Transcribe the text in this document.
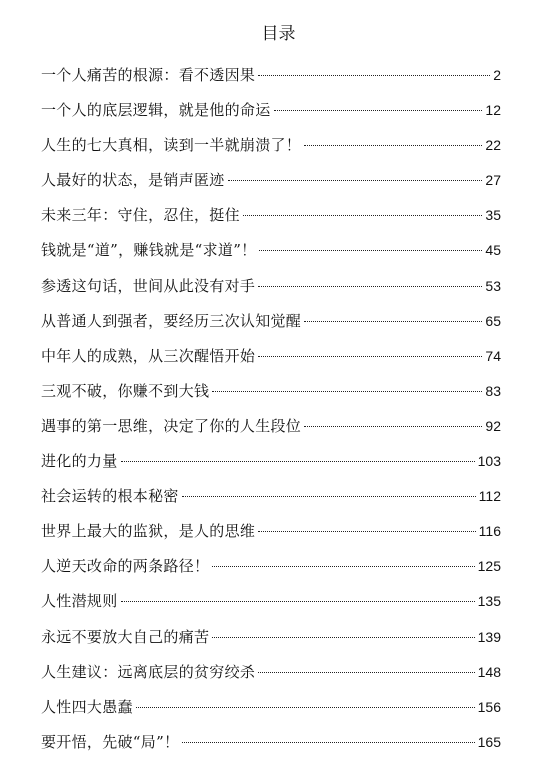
目录
一个人痛苦的根源：看不透因果	2
一个人的底层逻辑，就是他的命运	12
人生的七大真相，读到一半就崩溃了！	22
人最好的状态，是销声匿迹	27
未来三年：守住，忍住，挺住	35
钱就是“道”，赚钱就是“求道”！	45
参透这句话，世间从此没有对手	53
从普通人到强者，要经历三次认知觉醒	65
中年人的成熟，从三次醒悟开始	74
三观不破，你赚不到大钱	83
遇事的第一思维，决定了你的人生段位	92
进化的力量	103
社会运转的根本秘密	112
世界上最大的监狱，是人的思维	116
人逆天改命的两条路径！	125
人性潜规则	135
永远不要放大自己的痛苦	139
人生建议：远离底层的贫穷绞杀	148
人性四大愚蠢	156
要开悟，先破“局”！	165
